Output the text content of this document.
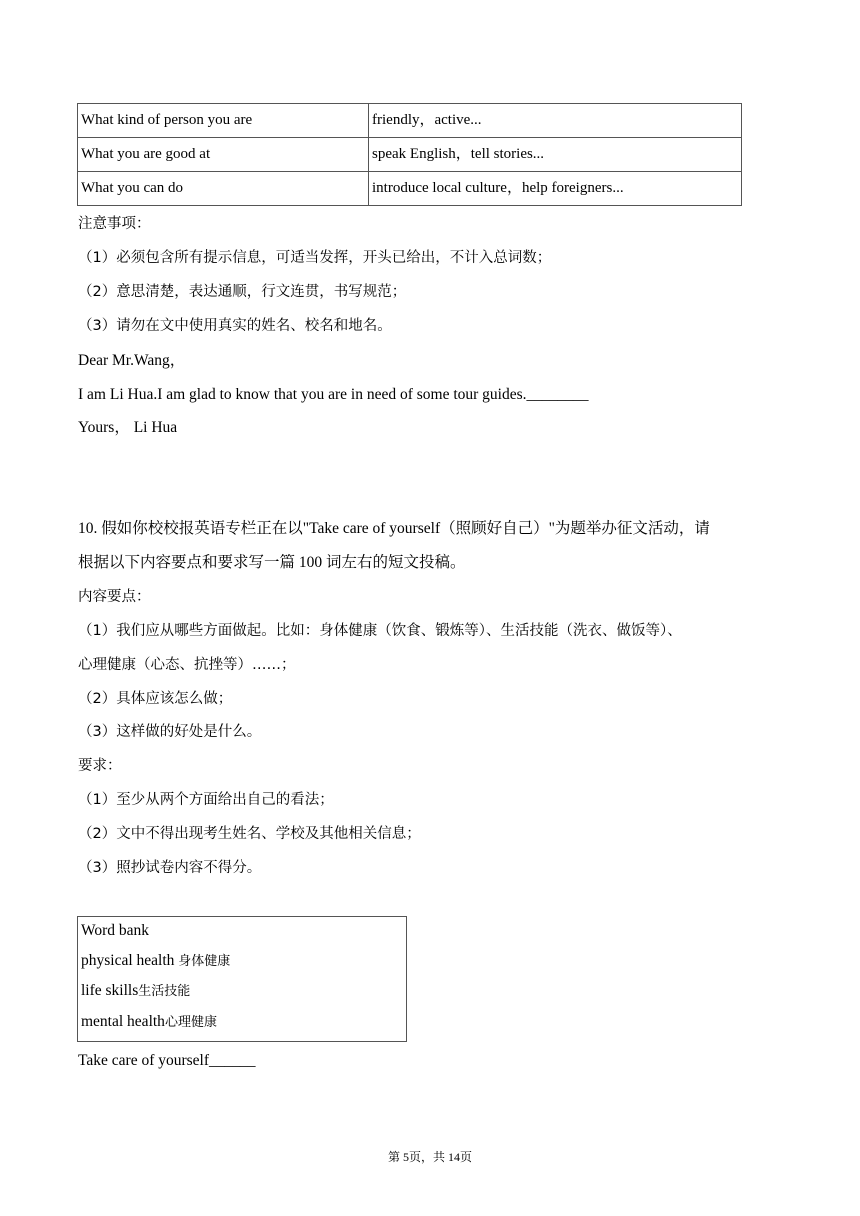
What kind of person you are	friendly，active...
What you are good at	speak English，tell stories...
What you can do	introduce local culture，help foreigners...
注意事项：
（1）必须包含所有提示信息，可适当发挥，开头已给出，不计入总词数；
（2）意思清楚，表达通顺，行文连贯，书写规范；
（3）请勿在文中使用真实的姓名、校名和地名。
Dear Mr.Wang，
I am Li Hua.I am glad to know that you are in need of some tour guides.________
Yours， Li Hua
10. 假如你校校报英语专栏正在以"Take care of yourself（照顾好自己）"为题举办征文活动，请
根据以下内容要点和要求写一篇 100 词左右的短文投稿。
内容要点：
（1）我们应从哪些方面做起。比如：身体健康（饮食、锻炼等）、生活技能（洗衣、做饭等）、
心理健康（心态、抗挫等）……；
（2）具体应该怎么做；
（3）这样做的好处是什么。
要求：
（1）至少从两个方面给出自己的看法；
（2）文中不得出现考生姓名、学校及其他相关信息；
（3）照抄试卷内容不得分。
Word bank
physical health 身体健康
life skills生活技能
mental health心理健康
Take care of yourself______
第 5页，共 14页
